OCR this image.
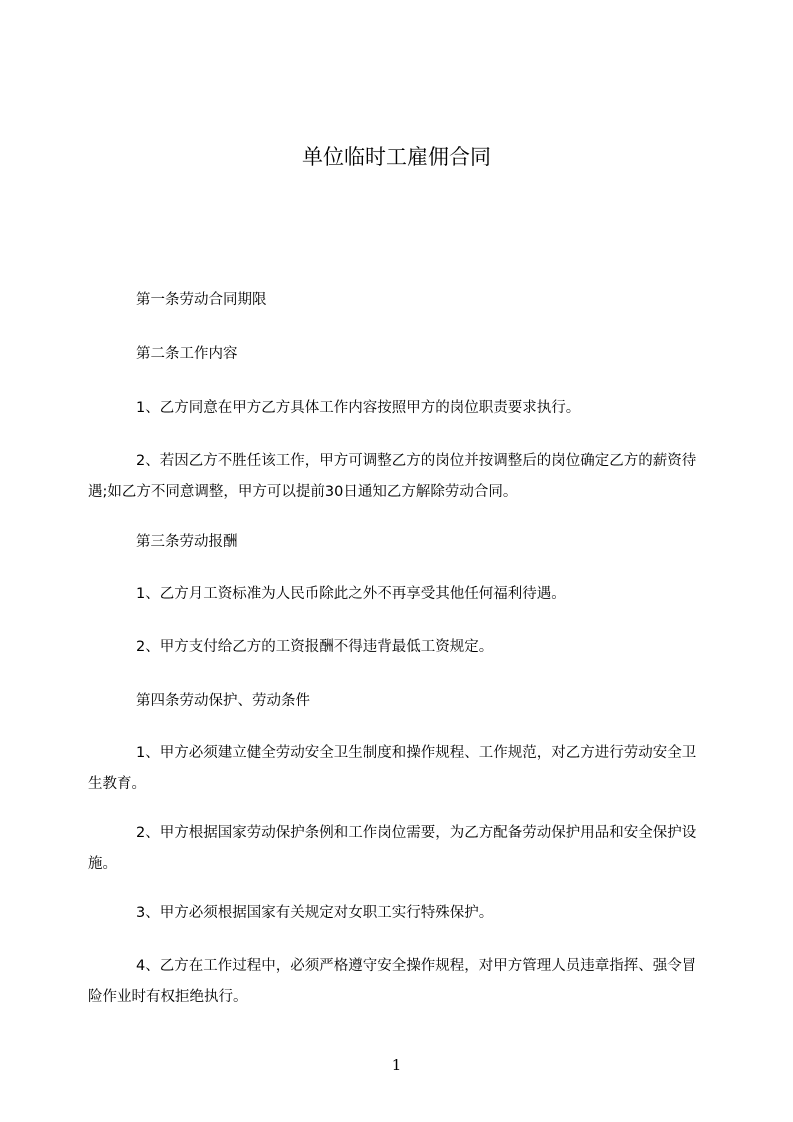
单位临时工雇佣合同

第一条劳动合同期限

第二条工作内容

1、乙方同意在甲方乙方具体工作内容按照甲方的岗位职责要求执行。

2、若因乙方不胜任该工作，甲方可调整乙方的岗位并按调整后的岗位确定乙方的薪资待遇;如乙方不同意调整，甲方可以提前30日通知乙方解除劳动合同。

第三条劳动报酬

1、乙方月工资标准为人民币除此之外不再享受其他任何福利待遇。

2、甲方支付给乙方的工资报酬不得违背最低工资规定。

第四条劳动保护、劳动条件

1、甲方必须建立健全劳动安全卫生制度和操作规程、工作规范，对乙方进行劳动安全卫生教育。

2、甲方根据国家劳动保护条例和工作岗位需要，为乙方配备劳动保护用品和安全保护设施。

3、甲方必须根据国家有关规定对女职工实行特殊保护。

4、乙方在工作过程中，必须严格遵守安全操作规程，对甲方管理人员违章指挥、强令冒险作业时有权拒绝执行。

1
